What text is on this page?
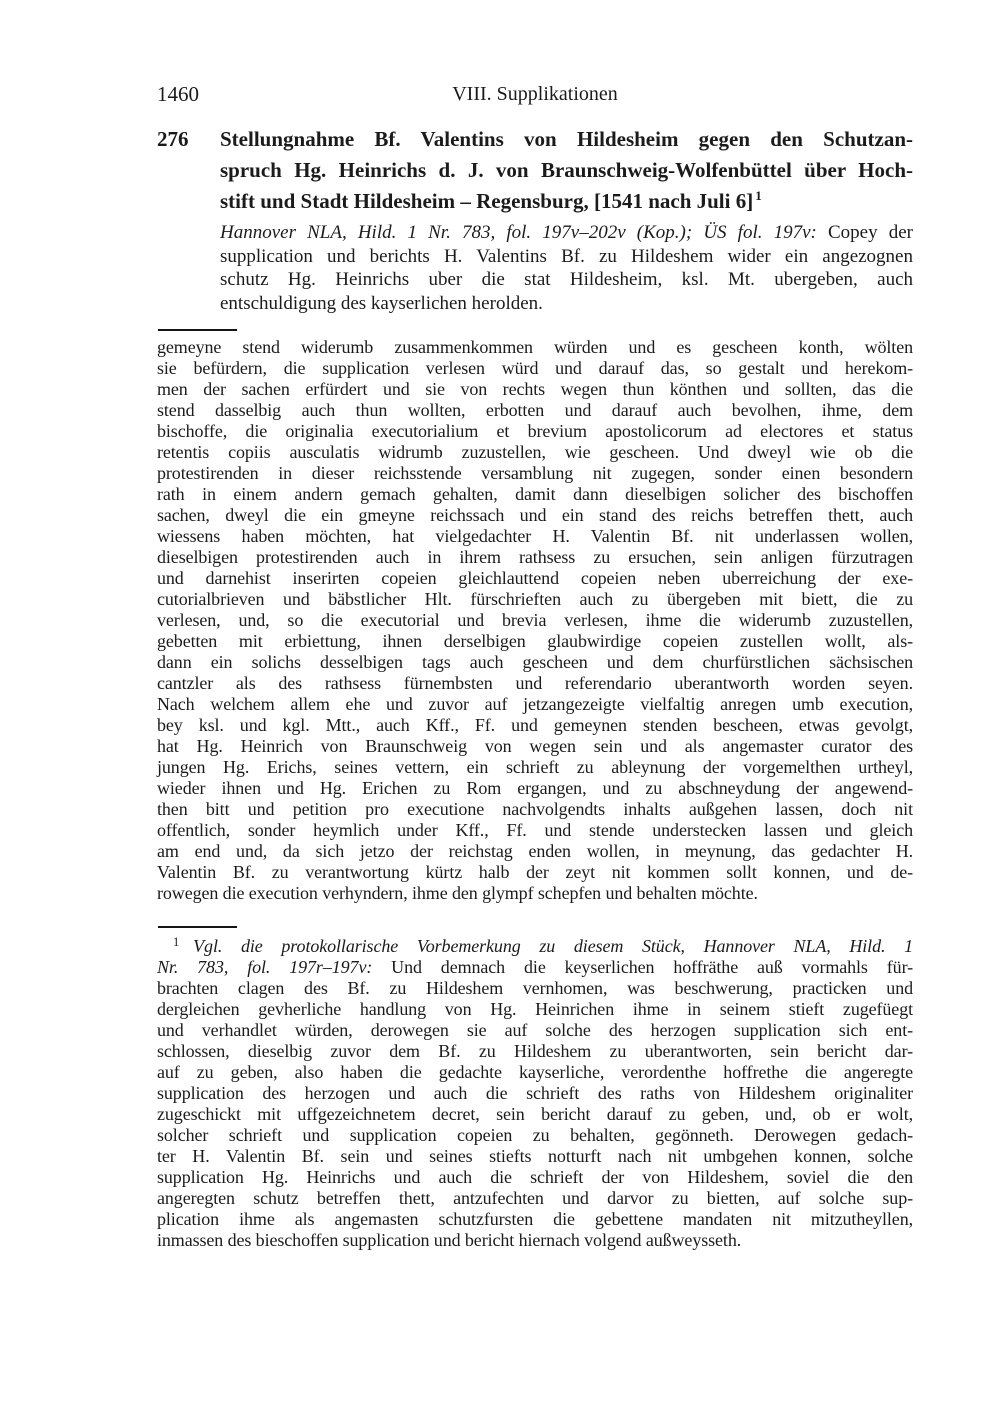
1460	VIII. Supplikationen
276 Stellungnahme Bf. Valentins von Hildesheim gegen den Schutzan-
spruch Hg. Heinrichs d. J. von Braunschweig-Wolfenbüttel über Hoch-
stift und Stadt Hildesheim – Regensburg, [1541 nach Juli 6] $^1$
Hannover NLA, Hild. 1 Nr. 783, fol. 197v–202v (Kop.); ÜS fol. 197v: Copey der
supplication und berichts H. Valentins Bf. zu Hildeshem wider ein angezognen
schutz Hg. Heinrichs uber die stat Hildesheim, ksl. Mt. ubergeben, auch
entschuldigung des kayserlichen herolden.
gemeyne stend widerumb zusammenkommen würden und es gescheen konth, wölten
sie befürdern, die supplication verlesen würd und darauf das, so gestalt und herekom-
men der sachen erfürdert und sie von rechts wegen thun könthen und sollten, das die
stend dasselbig auch thun wollten, erbotten und darauf auch bevolhen, ihme, dem
bischoffe, die originalia executorialium et brevium apostolicorum ad electores et status
retentis copiis ausculatis widrumb zuzustellen, wie gescheen. Und dweyl wie ob die
protestirenden in dieser reichsstende versamblung nit zugegen, sonder einen besondern
rath in einem andern gemach gehalten, damit dann dieselbigen solicher des bischoffen
sachen, dweyl die ein gmeyne reichssach und ein stand des reichs betreffen thett, auch
wiessens haben möchten, hat vielgedachter H. Valentin Bf. nit underlassen wollen,
dieselbigen protestirenden auch in ihrem rathsess zu ersuchen, sein anligen fürzutragen
und darnehist inserirten copeien gleichlauttend copeien neben uberreichung der exe-
cutorialbrieven und bäbstlicher Hlt. fürschrieften auch zu übergeben mit biett, die zu
verlesen, und, so die executorial und brevia verlesen, ihme die widerumb zuzustellen,
gebetten mit erbiettung, ihnen derselbigen glaubwirdige copeien zustellen wollt, als-
dann ein solichs desselbigen tags auch gescheen und dem churfürstlichen sächsischen
cantzler als des rathsess fürnembsten und referendario uberantworth worden seyen.
Nach welchem allem ehe und zuvor auf jetzangezeigte vielfaltig anregen umb execution,
bey ksl. und kgl. Mtt., auch Kff., Ff. und gemeynen stenden bescheen, etwas gevolgt,
hat Hg. Heinrich von Braunschweig von wegen sein und als angemaster curator des
jungen Hg. Erichs, seines vettern, ein schrieft zu ableynung der vorgemelthen urtheyl,
wieder ihnen und Hg. Erichen zu Rom ergangen, und zu abschneydung der angewend-
then bitt und petition pro executione nachvolgendts inhalts außgehen lassen, doch nit
offentlich, sonder heymlich under Kff., Ff. und stende understecken lassen und gleich
am end und, da sich jetzo der reichstag enden wollen, in meynung, das gedachter H.
Valentin Bf. zu verantwortung kürtz halb der zeyt nit kommen sollt konnen, und de-
rowegen die execution verhyndern, ihme den glympf schepfen und behalten möchte.
$^1$ Vgl. die protokollarische Vorbemerkung zu diesem Stück, Hannover NLA, Hild. 1
Nr. 783, fol. 197r–197v: Und demnach die keyserlichen hoffräthe auß vormahls für-
brachten clagen des Bf. zu Hildeshem vernhomen, was beschwerung, practicken und
dergleichen gevherliche handlung von Hg. Heinrichen ihme in seinem stieft zugefüegt
und verhandlet würden, derowegen sie auf solche des herzogen supplication sich ent-
schlossen, dieselbig zuvor dem Bf. zu Hildeshem zu uberantworten, sein bericht dar-
auf zu geben, also haben die gedachte kayserliche, verordenthe hoffrethe die angeregte
supplication des herzogen und auch die schrieft des raths von Hildeshem originaliter
zugeschickt mit uffgezeichnetem decret, sein bericht darauf zu geben, und, ob er wolt,
solcher schrieft und supplication copeien zu behalten, gegönneth. Derowegen gedach-
ter H. Valentin Bf. sein und seines stiefts notturft nach nit umbgehen konnen, solche
supplication Hg. Heinrichs und auch die schrieft der von Hildeshem, soviel die den
angeregten schutz betreffen thett, antzufechten und darvor zu bietten, auf solche sup-
plication ihme als angemasten schutzfursten die gebettene mandaten nit mitzutheyllen,
inmassen des bieschoffen supplication und bericht hiernach volgend außweysseth.
